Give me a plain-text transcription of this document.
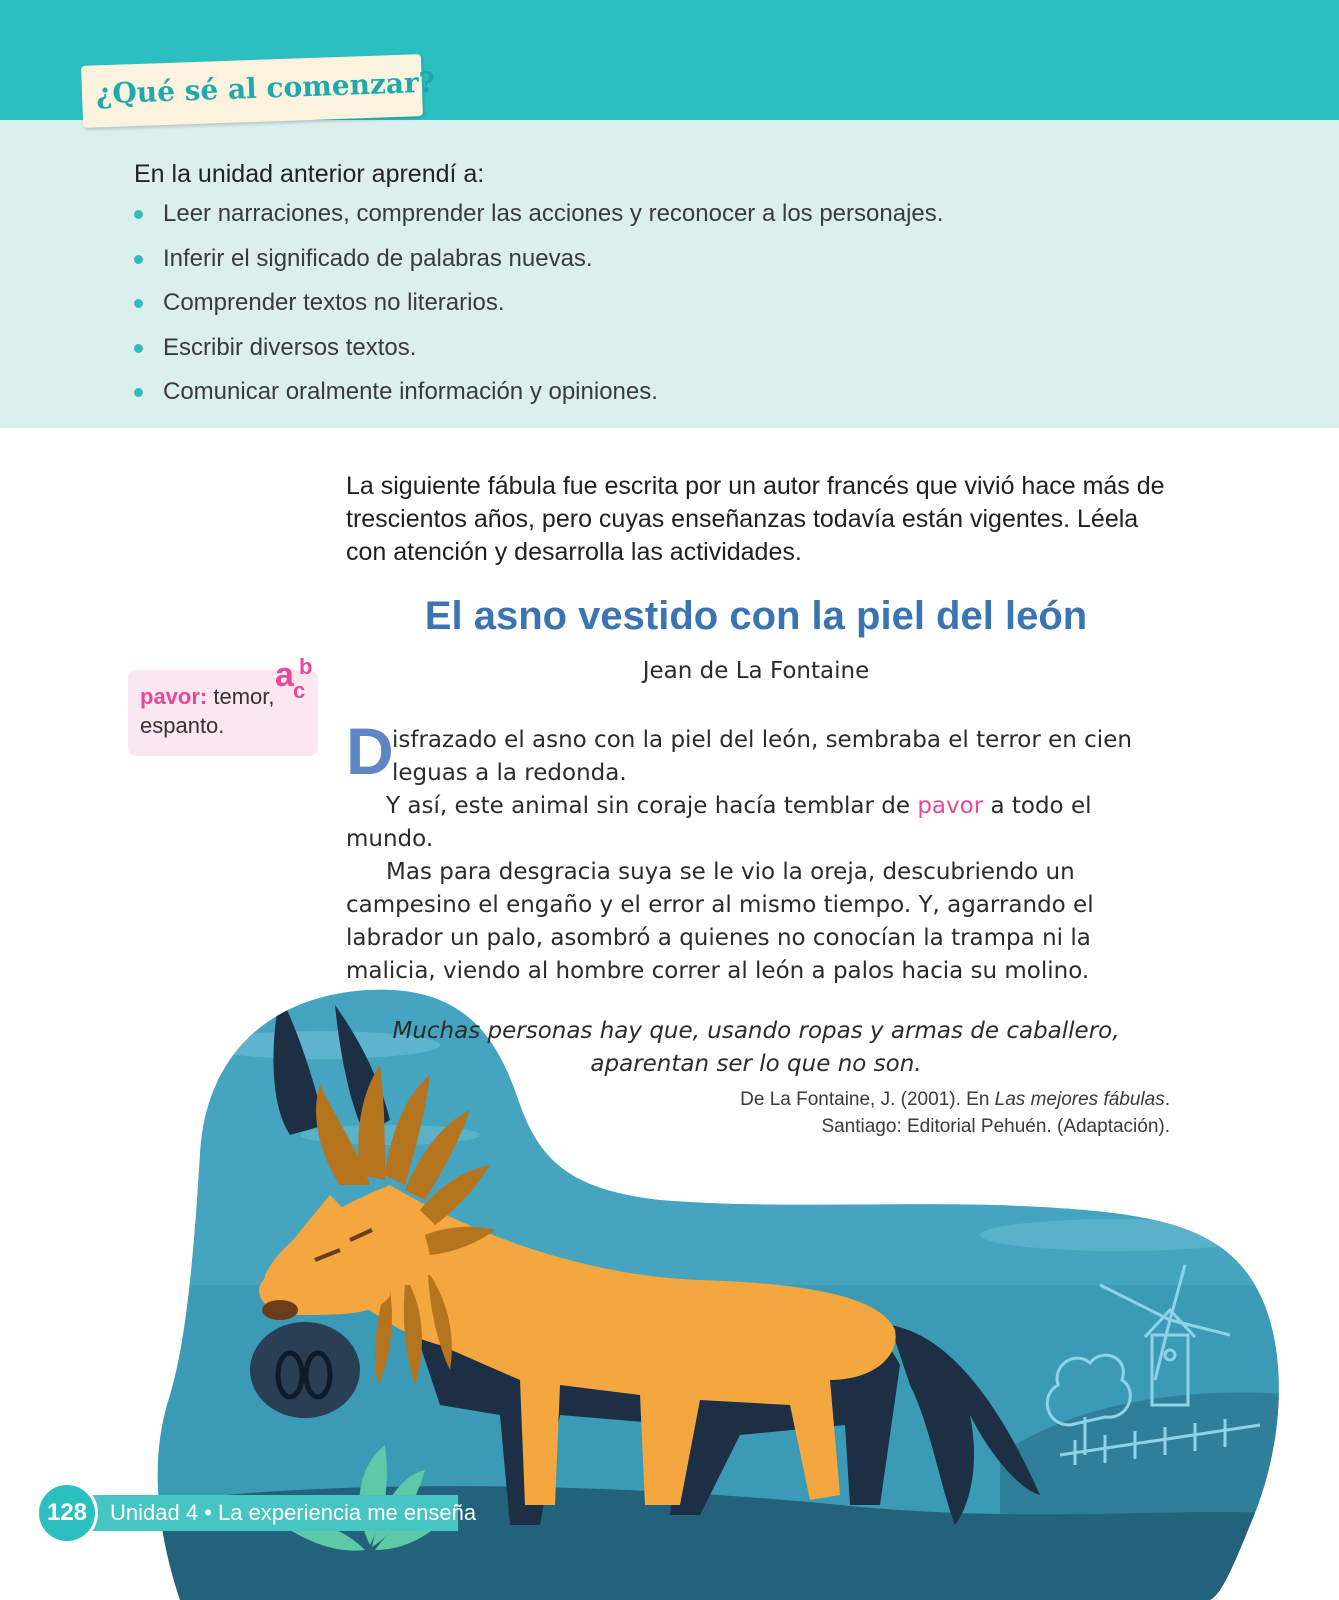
¿Qué sé al comenzar?
En la unidad anterior aprendí a:
Leer narraciones, comprender las acciones y reconocer a los personajes.
Inferir el significado de palabras nuevas.
Comprender textos no literarios.
Escribir diversos textos.
Comunicar oralmente información y opiniones.
La siguiente fábula fue escrita por un autor francés que vivió hace más de trescientos años, pero cuyas enseñanzas todavía están vigentes. Léela con atención y desarrolla las actividades.
El asno vestido con la piel del león
Jean de La Fontaine
pavor: temor, espanto.
a b
c

D
isfrazado el asno con la piel del león, sembraba el terror en cien leguas a la redonda.

Y así, este animal sin coraje hacía temblar de pavor a todo el mundo.

Mas para desgracia suya se le vio la oreja, descubriendo un campesino el engaño y el error al mismo tiempo. Y, agarrando el labrador un palo, asombró a quienes no conocían la trampa ni la malicia, viendo al hombre correr al león a palos hacia su molino.

Muchas personas hay que, usando ropas y armas de caballero,
aparentan ser lo que no son.
De La Fontaine, J. (2001). En Las mejores fábulas.
Santiago: Editorial Pehuén. (Adaptación).
128	Unidad 4 • La experiencia me enseña
